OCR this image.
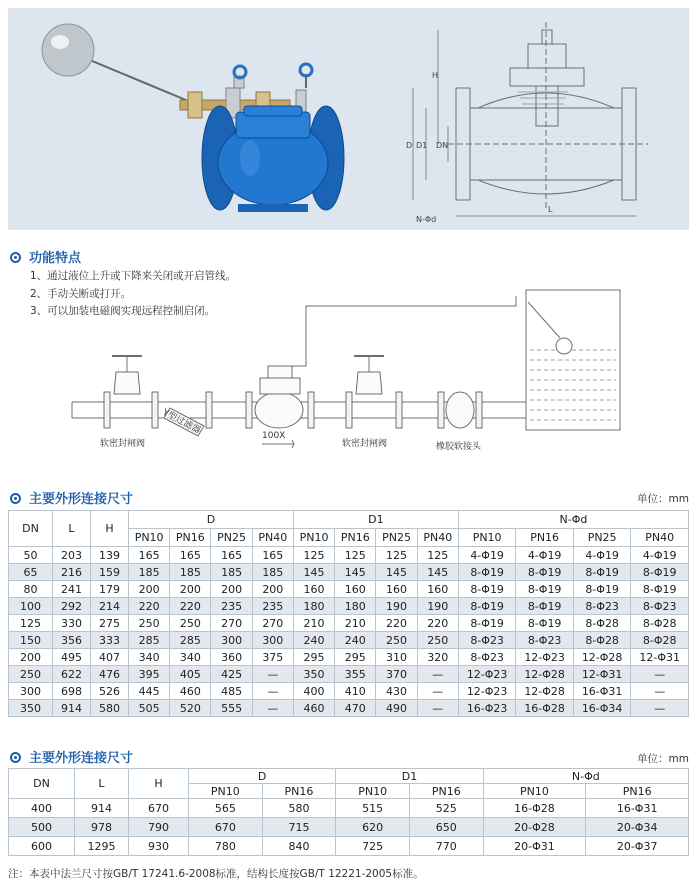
H
D D1 DN
L
N-Φd
功能特点
1、通过液位上升或下降来关闭或开启管线。
2、手动关断或打开。
3、可以加装电磁阀实现远程控制启闭。
软密封闸阀
Y型过滤器	100X
软密封闸阀	橡胶软接头
主要外形连接尺寸	单位：mm
DN	L	H	D				D1				N-Φd			
			PN10	PN16	PN25	PN40	PN10	PN16	PN25	PN40	PN10	PN16	PN25	PN40
50	203	139	165	165	165	165	125	125	125	125	4-Φ19	4-Φ19	4-Φ19	4-Φ19
65	216	159	185	185	185	185	145	145	145	145	8-Φ19	8-Φ19	8-Φ19	8-Φ19
80	241	179	200	200	200	200	160	160	160	160	8-Φ19	8-Φ19	8-Φ19	8-Φ19
100	292	214	220	220	235	235	180	180	190	190	8-Φ19	8-Φ19	8-Φ23	8-Φ23
125	330	275	250	250	270	270	210	210	220	220	8-Φ19	8-Φ19	8-Φ28	8-Φ28
150	356	333	285	285	300	300	240	240	250	250	8-Φ23	8-Φ23	8-Φ28	8-Φ28
200	495	407	340	340	360	375	295	295	310	320	8-Φ23	12-Φ23	12-Φ28	12-Φ31
250	622	476	395	405	425	—	350	355	370	—	12-Φ23	12-Φ28	12-Φ31	—
300	698	526	445	460	485	—	400	410	430	—	12-Φ23	12-Φ28	16-Φ31	—
350	914	580	505	520	555	—	460	470	490	—	16-Φ23	16-Φ28	16-Φ34	—
主要外形连接尺寸	单位：mm
DN	L	H	D		D1		N-Φd	
			PN10	PN16	PN10	PN16	PN10	PN16
400	914	670	565	580	515	525	16-Φ28	16-Φ31
500	978	790	670	715	620	650	20-Φ28	20-Φ34
600	1295	930	780	840	725	770	20-Φ31	20-Φ37
注：本表中法兰尺寸按GB/T 17241.6-2008标准，结构长度按GB/T 12221-2005标准。
